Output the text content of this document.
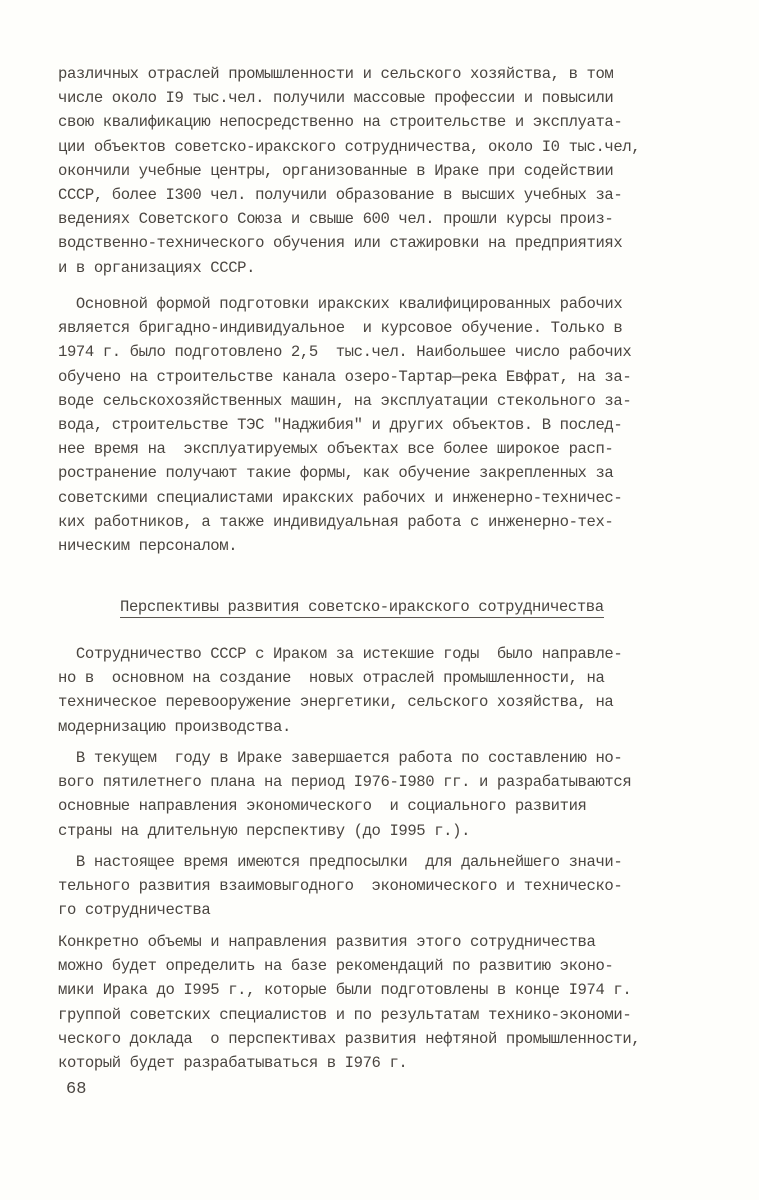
различных отраслей промышленности и сельского хозяйства, в том
числе около I9 тыс.чел. получили массовые профессии и повысили
свою квалификацию непосредственно на строительстве и эксплуата-
ции объектов советско-иракского сотрудничества, около I0 тыс.чел,
окончили учебные центры, организованные в Ираке при содействии
СССР, более I300 чел. получили образование в высших учебных за-
ведениях Советского Союза и свыше 600 чел. прошли курсы произ-
водственно-технического обучения или стажировки на предприятиях
и в организациях СССР.
Основной формой подготовки иракских квалифицированных рабочих
является бригадно-индивидуальное  и курсовое обучение. Только в
1974 г. было подготовлено 2,5  тыс.чел. Наибольшее число рабочих
обучено на строительстве канала озеро-Тартар—река Евфрат, на за-
воде сельскохозяйственных машин, на эксплуатации стекольного за-
вода, строительстве ТЭС "Наджибия" и других объектов. В послед-
нее время на  эксплуатируемых объектах все более широкое расп-
ространение получают такие формы, как обучение закрепленных за
советскими специалистами иракских рабочих и инженерно-техничес-
ких работников, а также индивидуальная работа с инженерно-тех-
ническим персоналом.
Перспективы развития советско-иракского сотрудничества
Сотрудничество СССР с Ираком за истекшие годы  было направле-
но в  основном на создание  новых отраслей промышленности, на
техническое перевооружение энергетики, сельского хозяйства, на
модернизацию производства.
В текущем  году в Ираке завершается работа по составлению но-
вого пятилетнего плана на период I976-I980 гг. и разрабатываются
основные направления экономического  и социального развития
страны на длительную перспективу (до I995 г.).
В настоящее время имеются предпосылки  для дальнейшего значи-
тельного развития взаимовыгодного  экономического и техническо-
го сотрудничества
Конкретно объемы и направления развития этого сотрудничества
можно будет определить на базе рекомендаций по развитию эконо-
мики Ирака до I995 г., которые были подготовлены в конце I974 г.
группой советских специалистов и по результатам технико-экономи-
ческого доклада  о перспективах развития нефтяной промышленности,
который будет разрабатываться в I976 г.
68
